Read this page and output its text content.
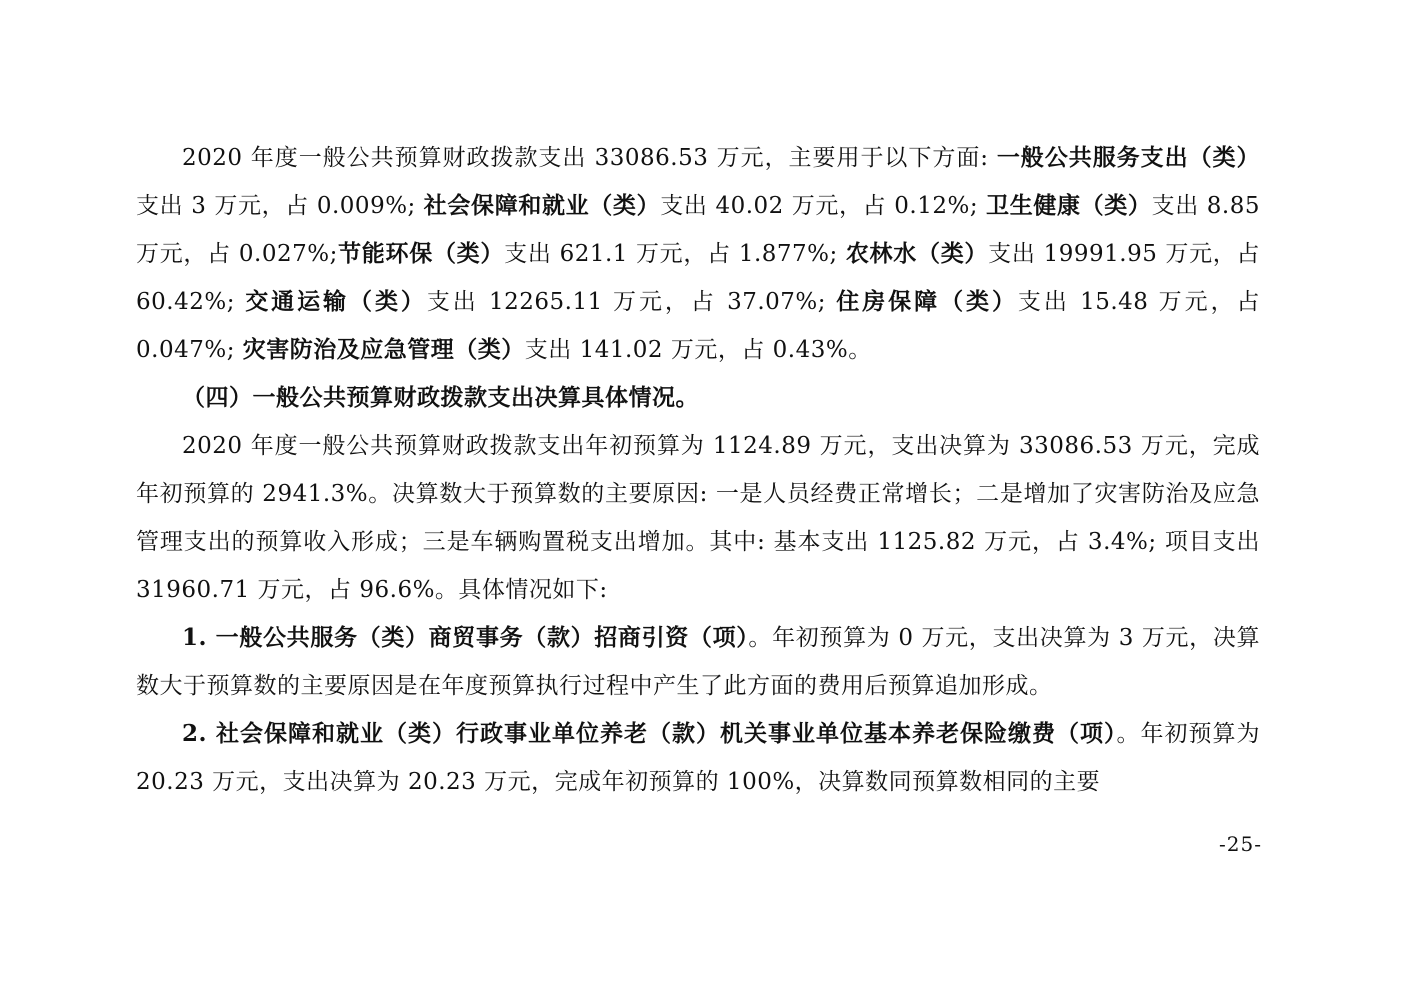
2020 年度一般公共预算财政拨款支出 33086.53 万元，主要用于以下方面: 一般公共服务支出（类）支出 3 万元，占 0.009%; 社会保障和就业（类）支出 40.02 万元，占 0.12%; 卫生健康（类）支出 8.85 万元，占 0.027%;节能环保（类）支出 621.1 万元，占 1.877%; 农林水（类）支出 19991.95 万元，占 60.42%; 交通运输（类）支出 12265.11 万元，占 37.07%; 住房保障（类）支出 15.48 万元，占 0.047%; 灾害防治及应急管理（类）支出 141.02 万元，占 0.43%。

（四）一般公共预算财政拨款支出决算具体情况。

2020 年度一般公共预算财政拨款支出年初预算为 1124.89 万元，支出决算为 33086.53 万元，完成年初预算的 2941.3%。决算数大于预算数的主要原因: 一是人员经费正常增长；二是增加了灾害防治及应急管理支出的预算收入形成；三是车辆购置税支出增加。其中: 基本支出 1125.82 万元，占 3.4%; 项目支出 31960.71 万元，占 96.6%。具体情况如下:

1. 一般公共服务（类）商贸事务（款）招商引资（项）。年初预算为 0 万元，支出决算为 3 万元，决算数大于预算数的主要原因是在年度预算执行过程中产生了此方面的费用后预算追加形成。

2. 社会保障和就业（类）行政事业单位养老（款）机关事业单位基本养老保险缴费（项）。年初预算为 20.23 万元，支出决算为 20.23 万元，完成年初预算的 100%，决算数同预算数相同的主要

-25-
